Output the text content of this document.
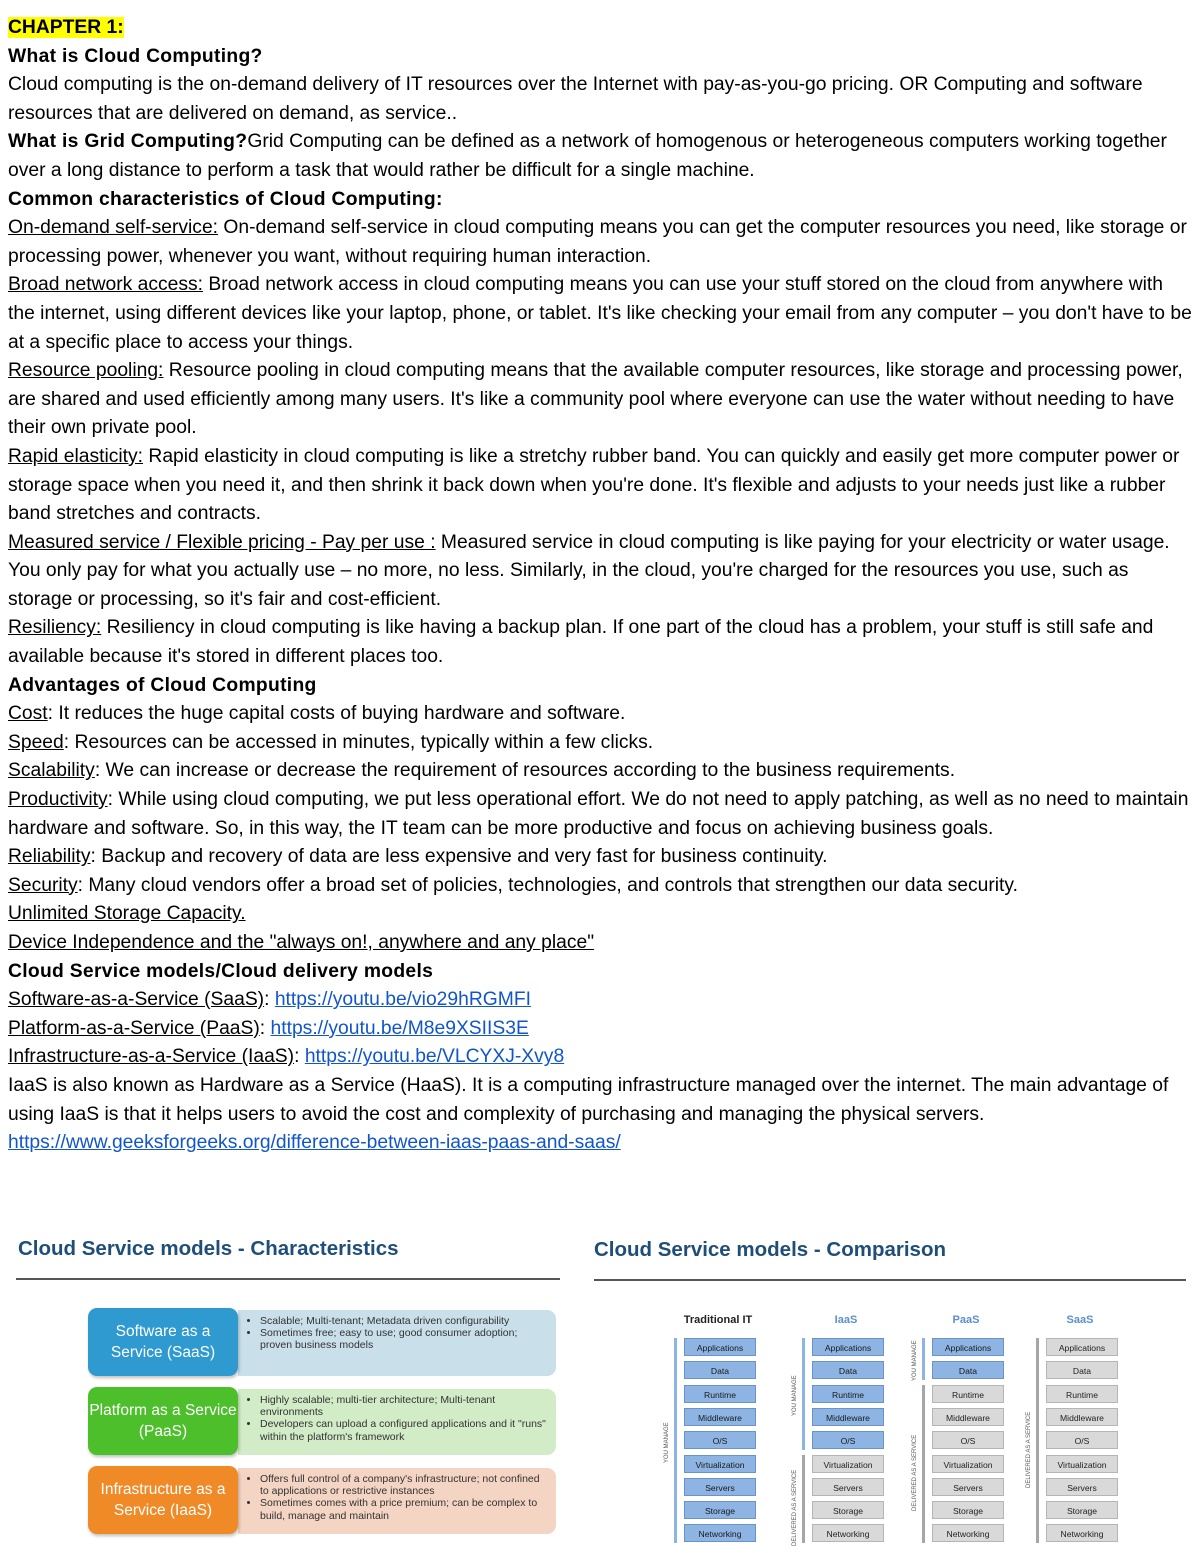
CHAPTER 1:

What is Cloud Computing?

Cloud computing is the on-demand delivery of IT resources over the Internet with pay-as-you-go pricing. OR Computing and software resources that are delivered on demand, as service..

What is Grid Computing?Grid Computing can be defined as a network of homogenous or heterogeneous computers working together over a long distance to perform a task that would rather be difficult for a single machine.

Common characteristics of Cloud Computing:

On-demand self-service: On-demand self-service in cloud computing means you can get the computer resources you need, like storage or processing power, whenever you want, without requiring human interaction.

Broad network access: Broad network access in cloud computing means you can use your stuff stored on the cloud from anywhere with the internet, using different devices like your laptop, phone, or tablet. It's like checking your email from any computer – you don't have to be at a specific place to access your things.

Resource pooling: Resource pooling in cloud computing means that the available computer resources, like storage and processing power, are shared and used efficiently among many users. It's like a community pool where everyone can use the water without needing to have their own private pool.

Rapid elasticity: Rapid elasticity in cloud computing is like a stretchy rubber band. You can quickly and easily get more computer power or storage space when you need it, and then shrink it back down when you're done. It's flexible and adjusts to your needs just like a rubber band stretches and contracts.

Measured service / Flexible pricing - Pay per use : Measured service in cloud computing is like paying for your electricity or water usage. You only pay for what you actually use – no more, no less. Similarly, in the cloud, you're charged for the resources you use, such as storage or processing, so it's fair and cost-efficient.

Resiliency: Resiliency in cloud computing is like having a backup plan. If one part of the cloud has a problem, your stuff is still safe and available because it's stored in different places too.

Advantages of Cloud Computing

Cost: It reduces the huge capital costs of buying hardware and software.

Speed: Resources can be accessed in minutes, typically within a few clicks.

Scalability: We can increase or decrease the requirement of resources according to the business requirements.

Productivity: While using cloud computing, we put less operational effort. We do not need to apply patching, as well as no need to maintain hardware and software. So, in this way, the IT team can be more productive and focus on achieving business goals.

Reliability: Backup and recovery of data are less expensive and very fast for business continuity.

Security: Many cloud vendors offer a broad set of policies, technologies, and controls that strengthen our data security.

Unlimited Storage Capacity.

Device Independence and the "always on!, anywhere and any place"

Cloud Service models/Cloud delivery models

Software-as-a-Service (SaaS): https://youtu.be/vio29hRGMFI

Platform-as-a-Service (PaaS): https://youtu.be/M8e9XSIIS3E

Infrastructure-as-a-Service (IaaS): https://youtu.be/VLCYXJ-Xvy8

IaaS is also known as Hardware as a Service (HaaS). It is a computing infrastructure managed over the internet. The main advantage of using IaaS is that it helps users to avoid the cost and complexity of purchasing and managing the physical servers.

https://www.geeksforgeeks.org/difference-between-iaas-paas-and-saas/

Cloud Service models - Characteristics
• Scalable; Multi-tenant; Metadata driven configurability
• Sometimes free; easy to use; good consumer adoption; proven business models
Software as a Service (SaaS)
• Highly scalable; multi-tier architecture; Multi-tenant environments
• Developers can upload a configured applications and it "runs" within the platform's framework
Platform as a Service (PaaS)
• Offers full control of a company's infrastructure; not confined to applications or restrictive instances
• Sometimes comes with a price premium; can be complex to build, manage and maintain
Infrastructure as a Service (IaaS)
Cloud Service models - Comparison
Traditional IT
Applications
Data
Runtime
Middleware
O/S
Virtualization
Servers
Storage
Networking
YOU MANAGE
IaaS
Applications
Data
Runtime
Middleware
O/S
Virtualization
Servers
Storage
Networking
YOU MANAGE
DELIVERED AS A SERVICE
PaaS
Applications
Data
Runtime
Middleware
O/S
Virtualization
Servers
Storage
Networking
YOU MANAGE
DELIVERED AS A SERVICE
SaaS
Applications
Data
Runtime
Middleware
O/S
Virtualization
Servers
Storage
Networking
DELIVERED AS A SERVICE
